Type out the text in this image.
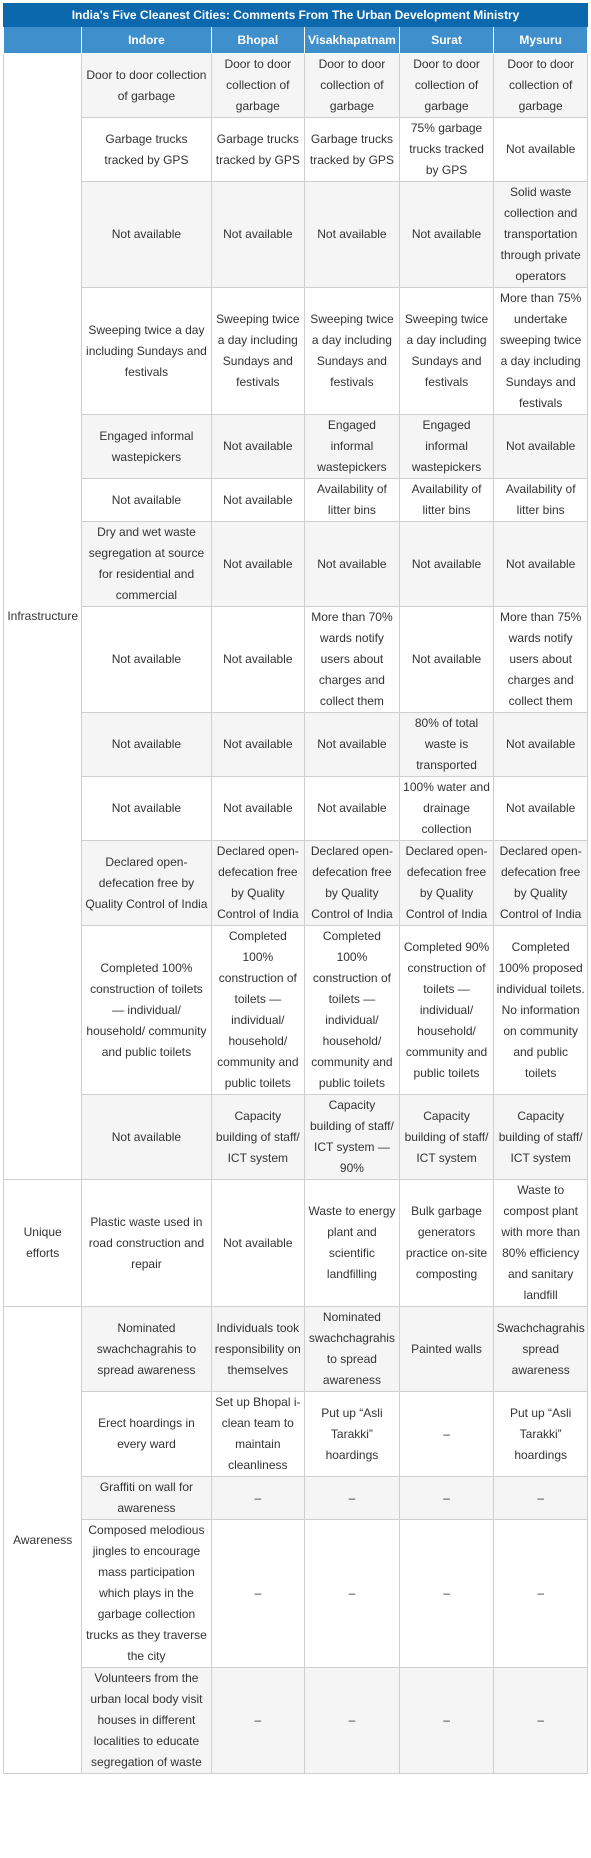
India's Five Cleanest Cities: Comments From The Urban Development Ministry					
	Indore	Bhopal	Visakhapatnam	Surat	Mysuru
Infrastructure	Door to door collection of garbage	Door to door collection of garbage	Door to door collection of garbage	Door to door collection of garbage	Door to door collection of garbage
	Garbage trucks tracked by GPS	Garbage trucks tracked by GPS	Garbage trucks tracked by GPS	75% garbage trucks tracked by GPS	Not available
	Not available	Not available	Not available	Not available	Solid waste collection and transportation through private operators
	Sweeping twice a day including Sundays and festivals	Sweeping twice a day including Sundays and festivals	Sweeping twice a day including Sundays and festivals	Sweeping twice a day including Sundays and festivals	More than 75% undertake sweeping twice a day including Sundays and festivals
	Engaged informal wastepickers	Not available	Engaged informal wastepickers	Engaged informal wastepickers	Not available
	Not available	Not available	Availability of litter bins	Availability of litter bins	Availability of litter bins
	Dry and wet waste segregation at source for residential and commercial	Not available	Not available	Not available	Not available
	Not available	Not available	More than 70% wards notify users about charges and collect them	Not available	More than 75% wards notify users about charges and collect them
	Not available	Not available	Not available	80% of total waste is transported	Not available
	Not available	Not available	Not available	100% water and drainage collection	Not available
	Declared open-defecation free by Quality Control of India	Declared open-defecation free by Quality Control of India	Declared open-defecation free by Quality Control of India	Declared open-defecation free by Quality Control of India	Declared open-defecation free by Quality Control of India
	Completed 100% construction of toilets — individual/ household/ community and public toilets	Completed 100% construction of toilets — individual/ household/ community and public toilets	Completed 100% construction of toilets — individual/ household/ community and public toilets	Completed 90% construction of toilets — individual/ household/ community and public toilets	Completed 100% proposed individual toilets. No information on community and public toilets
	Not available	Capacity building of staff/ ICT system	Capacity building of staff/ ICT system — 90%	Capacity building of staff/ ICT system	Capacity building of staff/ ICT system
Unique efforts	Plastic waste used in road construction and repair	Not available	Waste to energy plant and scientific landfilling	Bulk garbage generators practice on-site composting	Waste to compost plant with more than 80% efficiency and sanitary landfill
Awareness	Nominated swachchagrahis to spread awareness	Individuals took responsibility on themselves	Nominated swachchagrahis to spread awareness	Painted walls	Swachchagrahis spread awareness
	Erect hoardings in every ward	Set up Bhopal i-clean team to maintain cleanliness	Put up “Asli Tarakki” hoardings	–	Put up “Asli Tarakki” hoardings
	Graffiti on wall for awareness	–	–	–	–
	Composed melodious jingles to encourage mass participation which plays in the garbage collection trucks as they traverse the city	–	–	–	–
	Volunteers from the urban local body visit houses in different localities to educate segregation of waste	–	–	–	–
